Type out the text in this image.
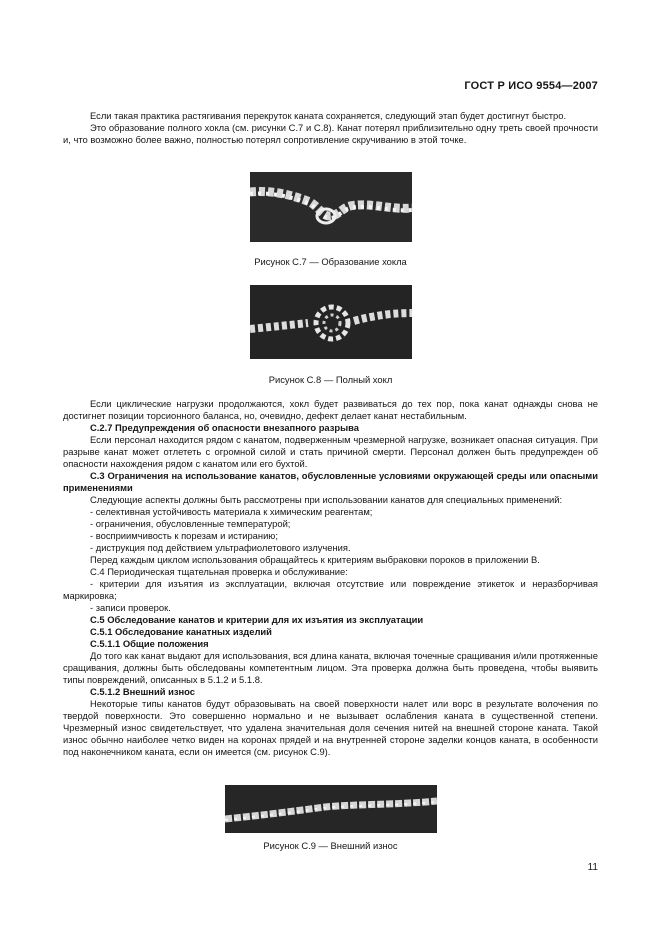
ГОСТ Р ИСО 9554—2007

Если такая практика растягивания перекруток каната сохраняется, следующий этап будет достигнут быстро.

Это образование полного хокла (см. рисунки С.7 и С.8). Канат потерял приблизительно одну треть своей прочности и, что возможно более важно, полностью потерял сопротивление скручиванию в этой точке.

Рисунок С.7 — Образование хокла
Рисунок С.8 — Полный хокл

Если циклические нагрузки продолжаются, хокл будет развиваться до тех пор, пока канат однажды снова не достигнет позиции торсионного баланса, но, очевидно, дефект делает канат нестабильным.

С.2.7 Предупреждения об опасности внезапного разрыва

Если персонал находится рядом с канатом, подверженным чрезмерной нагрузке, возникает опасная ситуация. При разрыве канат может отлететь с огромной силой и стать причиной смерти. Персонал должен быть предупрежден об опасности нахождения рядом с канатом или его бухтой.

С.3 Ограничения на использование канатов, обусловленные условиями окружающей среды или опасными применениями

Следующие аспекты должны быть рассмотрены при использовании канатов для специальных применений:

- селективная устойчивость материала к химическим реагентам;

- ограничения, обусловленные температурой;

- восприимчивость к порезам и истиранию;

- диструкция под действием ультрафиолетового излучения.

Перед каждым циклом использования обращайтесь к критериям выбраковки пороков в приложении В.

С.4 Периодическая тщательная проверка и обслуживание:

- критерии для изъятия из эксплуатации, включая отсутствие или повреждение этикеток и неразборчивая маркировка;

- записи проверок.

С.5 Обследование канатов и критерии для их изъятия из эксплуатации

С.5.1 Обследование канатных изделий

С.5.1.1 Общие положения

До того как канат выдают для использования, вся длина каната, включая точечные сращивания и/или протяженные сращивания, должны быть обследованы компетентным лицом. Эта проверка должна быть проведена, чтобы выявить типы повреждений, описанных в 5.1.2 и 5.1.8.

С.5.1.2 Внешний износ

Некоторые типы канатов будут образовывать на своей поверхности налет или ворс в результате волочения по твердой поверхности. Это совершенно нормально и не вызывает ослабления каната в существенной степени. Чрезмерный износ свидетельствует, что удалена значительная доля сечения нитей на внешней стороне каната. Такой износ обычно наиболее четко виден на коронах прядей и на внутренней стороне заделки концов каната, в особенности под наконечником каната, если он имеется (см. рисунок С.9).

Рисунок С.9 — Внешний износ
11
